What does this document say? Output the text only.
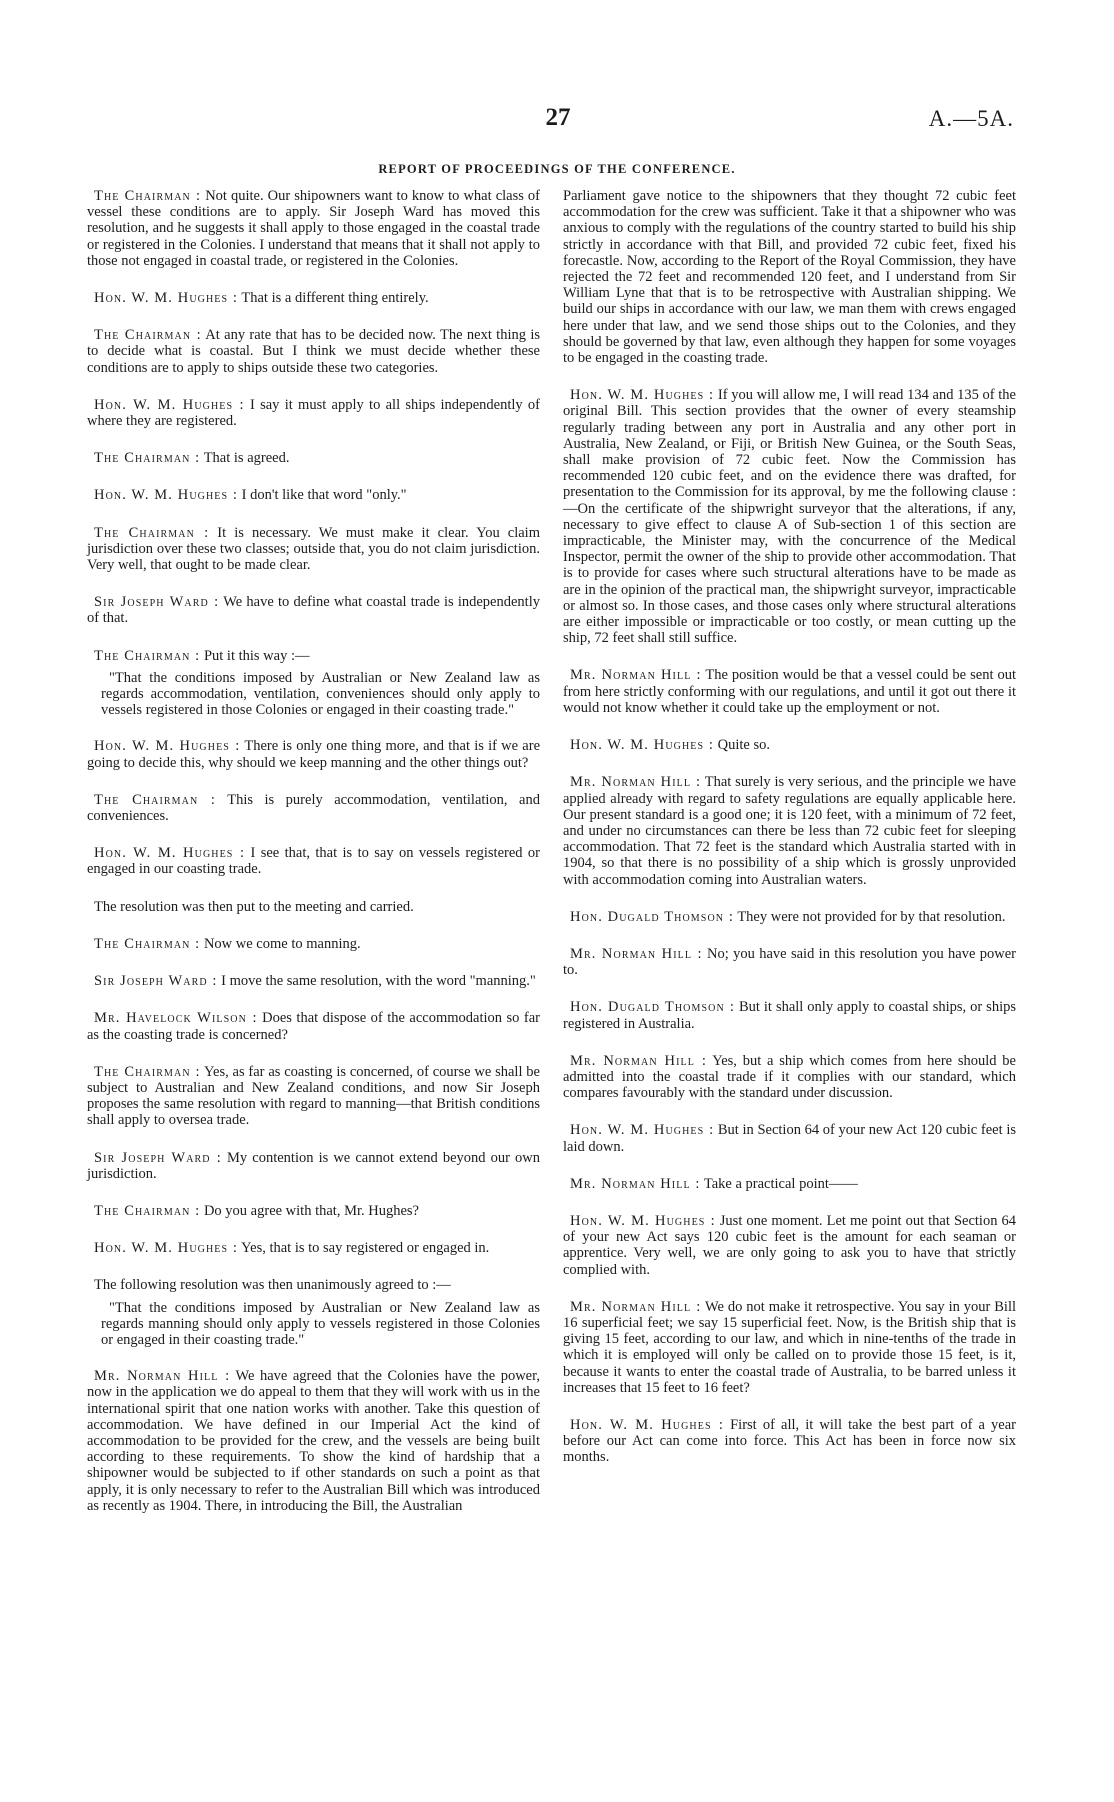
27	A.—5A.
REPORT OF PROCEEDINGS OF THE CONFERENCE.

The Chairman : Not quite. Our shipowners want to know to what class of vessel these conditions are to apply. Sir Joseph Ward has moved this resolution, and he suggests it shall apply to those engaged in the coastal trade or registered in the Colonies. I understand that means that it shall not apply to those not engaged in coastal trade, or registered in the Colonies.

Hon. W. M. Hughes : That is a different thing entirely.

The Chairman : At any rate that has to be decided now. The next thing is to decide what is coastal. But I think we must decide whether these conditions are to apply to ships outside these two categories.

Hon. W. M. Hughes : I say it must apply to all ships independently of where they are registered.

The Chairman : That is agreed.

Hon. W. M. Hughes : I don't like that word "only."

The Chairman : It is necessary. We must make it clear. You claim jurisdiction over these two classes; outside that, you do not claim jurisdiction. Very well, that ought to be made clear.

Sir Joseph Ward : We have to define what coastal trade is independently of that.

The Chairman : Put it this way :—

"That the conditions imposed by Australian or New Zealand law as regards accommodation, ventilation, conveniences should only apply to vessels registered in those Colonies or engaged in their coasting trade."

Hon. W. M. Hughes : There is only one thing more, and that is if we are going to decide this, why should we keep manning and the other things out?

The Chairman : This is purely accommodation, ventilation, and conveniences.

Hon. W. M. Hughes : I see that, that is to say on vessels registered or engaged in our coasting trade.

The resolution was then put to the meeting and carried.

The Chairman : Now we come to manning.

Sir Joseph Ward : I move the same resolution, with the word "manning."

Mr. Havelock Wilson : Does that dispose of the accommodation so far as the coasting trade is concerned?

The Chairman : Yes, as far as coasting is concerned, of course we shall be subject to Australian and New Zealand conditions, and now Sir Joseph proposes the same resolution with regard to manning—that British conditions shall apply to oversea trade.

Sir Joseph Ward : My contention is we cannot extend beyond our own jurisdiction.

The Chairman : Do you agree with that, Mr. Hughes?

Hon. W. M. Hughes : Yes, that is to say registered or engaged in.

The following resolution was then unanimously agreed to :—

"That the conditions imposed by Australian or New Zealand law as regards manning should only apply to vessels registered in those Colonies or engaged in their coasting trade."

Mr. Norman Hill : We have agreed that the Colonies have the power, now in the application we do appeal to them that they will work with us in the international spirit that one nation works with another. Take this question of accommodation. We have defined in our Imperial Act the kind of accommodation to be provided for the crew, and the vessels are being built according to these requirements. To show the kind of hardship that a shipowner would be subjected to if other standards on such a point as that apply, it is only necessary to refer to the Australian Bill which was introduced as recently as 1904. There, in introducing the Bill, the Australian

Parliament gave notice to the shipowners that they thought 72 cubic feet accommodation for the crew was sufficient. Take it that a shipowner who was anxious to comply with the regulations of the country started to build his ship strictly in accordance with that Bill, and provided 72 cubic feet, fixed his forecastle. Now, according to the Report of the Royal Commission, they have rejected the 72 feet and recommended 120 feet, and I understand from Sir William Lyne that that is to be retrospective with Australian shipping. We build our ships in accordance with our law, we man them with crews engaged here under that law, and we send those ships out to the Colonies, and they should be governed by that law, even although they happen for some voyages to be engaged in the coasting trade.

Hon. W. M. Hughes : If you will allow me, I will read 134 and 135 of the original Bill. This section provides that the owner of every steamship regularly trading between any port in Australia and any other port in Australia, New Zealand, or Fiji, or British New Guinea, or the South Seas, shall make provision of 72 cubic feet. Now the Commission has recommended 120 cubic feet, and on the evidence there was drafted, for presentation to the Commission for its approval, by me the following clause :—On the certificate of the shipwright surveyor that the alterations, if any, necessary to give effect to clause A of Sub-section 1 of this section are impracticable, the Minister may, with the concurrence of the Medical Inspector, permit the owner of the ship to provide other accommodation. That is to provide for cases where such structural alterations have to be made as are in the opinion of the practical man, the shipwright surveyor, impracticable or almost so. In those cases, and those cases only where structural alterations are either impossible or impracticable or too costly, or mean cutting up the ship, 72 feet shall still suffice.

Mr. Norman Hill : The position would be that a vessel could be sent out from here strictly conforming with our regulations, and until it got out there it would not know whether it could take up the employment or not.

Hon. W. M. Hughes : Quite so.

Mr. Norman Hill : That surely is very serious, and the principle we have applied already with regard to safety regulations are equally applicable here. Our present standard is a good one; it is 120 feet, with a minimum of 72 feet, and under no circumstances can there be less than 72 cubic feet for sleeping accommodation. That 72 feet is the standard which Australia started with in 1904, so that there is no possibility of a ship which is grossly unprovided with accommodation coming into Australian waters.

Hon. Dugald Thomson : They were not provided for by that resolution.

Mr. Norman Hill : No; you have said in this resolution you have power to.

Hon. Dugald Thomson : But it shall only apply to coastal ships, or ships registered in Australia.

Mr. Norman Hill : Yes, but a ship which comes from here should be admitted into the coastal trade if it complies with our standard, which compares favourably with the standard under discussion.

Hon. W. M. Hughes : But in Section 64 of your new Act 120 cubic feet is laid down.

Mr. Norman Hill : Take a practical point——

Hon. W. M. Hughes : Just one moment. Let me point out that Section 64 of your new Act says 120 cubic feet is the amount for each seaman or apprentice. Very well, we are only going to ask you to have that strictly complied with.

Mr. Norman Hill : We do not make it retrospective. You say in your Bill 16 superficial feet; we say 15 superficial feet. Now, is the British ship that is giving 15 feet, according to our law, and which in nine-tenths of the trade in which it is employed will only be called on to provide those 15 feet, is it, because it wants to enter the coastal trade of Australia, to be barred unless it increases that 15 feet to 16 feet?

Hon. W. M. Hughes : First of all, it will take the best part of a year before our Act can come into force. This Act has been in force now six months.
